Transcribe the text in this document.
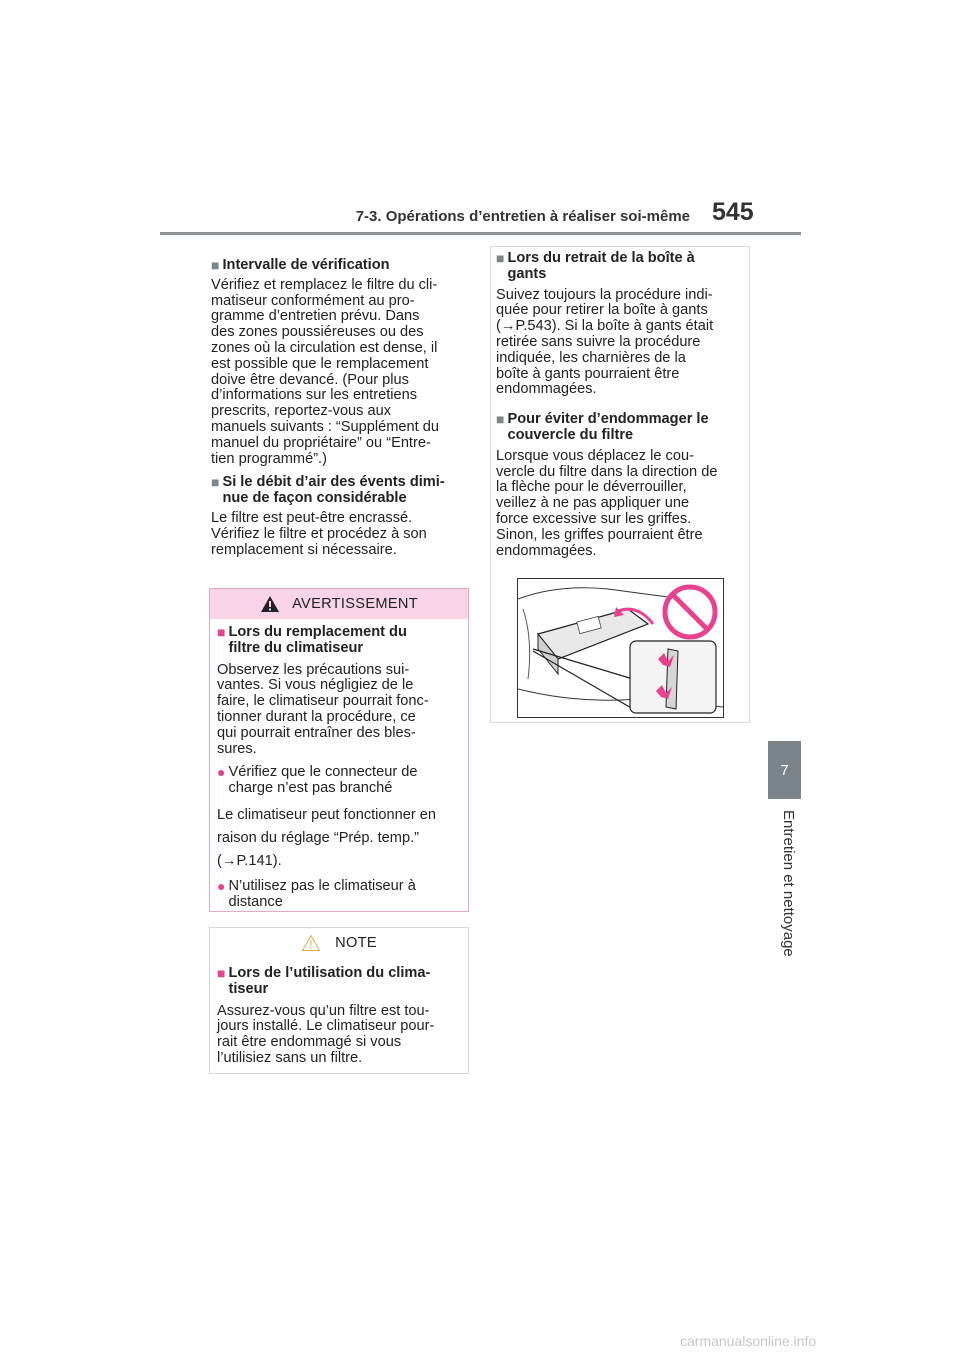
7-3. Opérations d’entretien à réaliser soi-même 545
7
Entretien et nettoyage
■ Intervalle de vérification
Vérifiez et remplacez le filtre du cli-
matiseur conformément au pro-
gramme d’entretien prévu. Dans
des zones poussiéreuses ou des
zones où la circulation est dense, il
est possible que le remplacement
doive être devancé. (Pour plus
d’informations sur les entretiens
prescrits, reportez-vous aux
manuels suivants : “Supplément du
manuel du propriétaire” ou “Entre-
tien programmé”.)
■ Si le débit d’air des évents dimi-
nue de façon considérable
Le filtre est peut-être encrassé.
Vérifiez le filtre et procédez à son
remplacement si nécessaire.
AVERTISSEMENT
■ Lors du remplacement du
filtre du climatiseur
Observez les précautions sui-
vantes. Si vous négligiez de le
faire, le climatiseur pourrait fonc-
tionner durant la procédure, ce
qui pourrait entraîner des bles-
sures.
● Vérifiez que le connecteur de
charge n’est pas branché

Le climatiseur peut fonctionner en

raison du réglage “Prép. temp.”

(→P.141).

● N’utilisez pas le climatiseur à
distance
NOTE
■ Lors de l’utilisation du clima-
tiseur
Assurez-vous qu’un filtre est tou-
jours installé. Le climatiseur pour-
rait être endommagé si vous
l’utilisiez sans un filtre.
■ Lors du retrait de la boîte à
gants
Suivez toujours la procédure indi-
quée pour retirer la boîte à gants
(→P.543). Si la boîte à gants était
retirée sans suivre la procédure
indiquée, les charnières de la
boîte à gants pourraient être
endommagées.
■ Pour éviter d’endommager le
couvercle du filtre
Lorsque vous déplacez le cou-
vercle du filtre dans la direction de
la flèche pour le déverrouiller,
veillez à ne pas appliquer une
force excessive sur les griffes.
Sinon, les griffes pourraient être
endommagées.
carmanualsonline.info
